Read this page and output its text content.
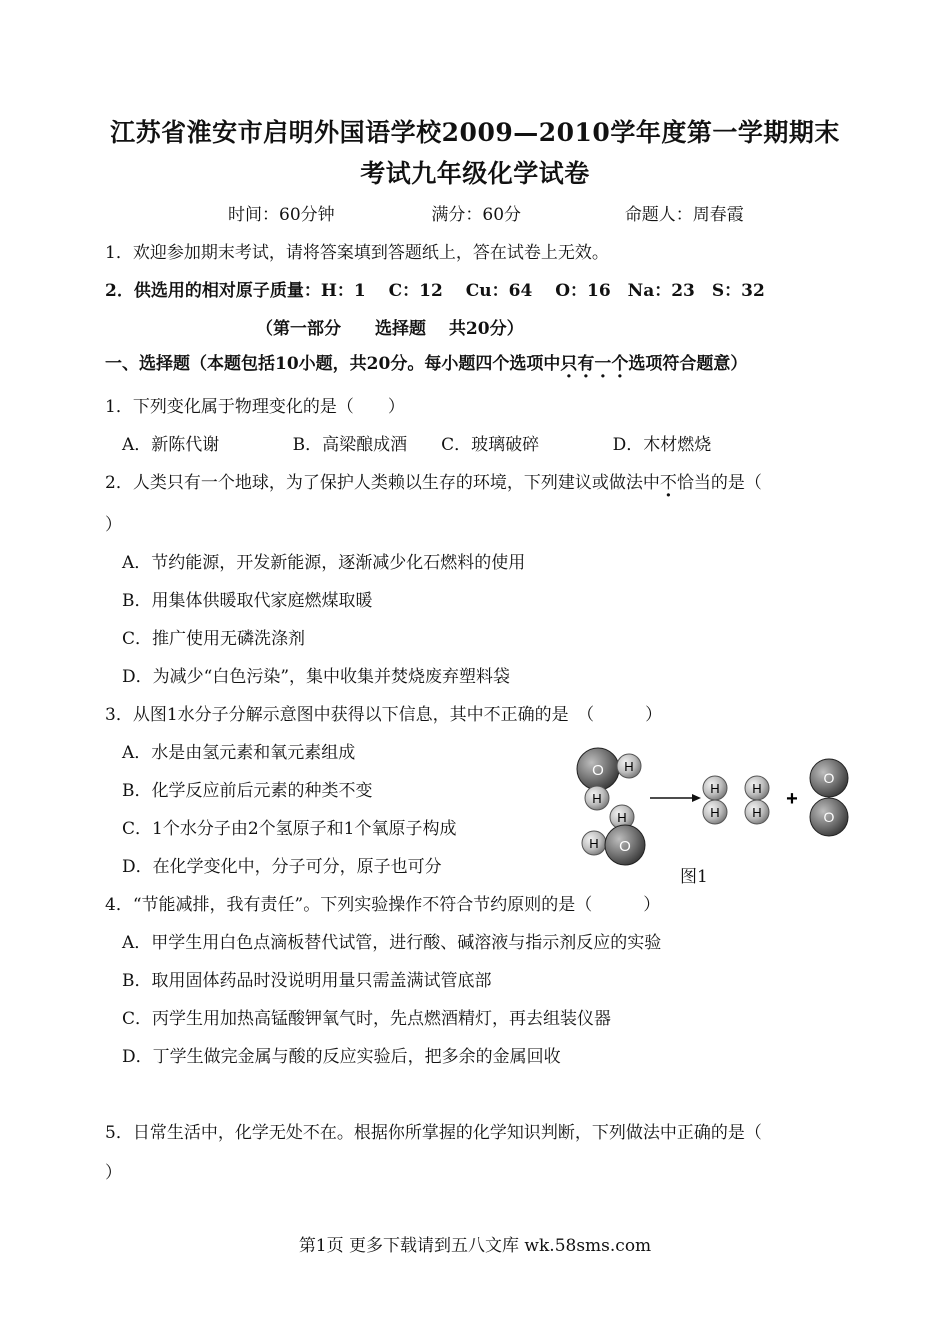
江苏省淮安市启明外国语学校2009—2010学年度第一学期期末
考试九年级化学试卷
时间：60分钟	满分：60分	命题人：周春霞
1．欢迎参加期末考试，请将答案填到答题纸上，答在试卷上无效。
2．供选用的相对原子质量：H：1　 C：12　 Cu：64　 O：16　Na：23　S：32
（第一部分　　选择题　 共20分）
一、选择题（本题包括10小题，共20分。每小题四个选项中只有一个选项符合题意）
1．下列变化属于物理变化的是（　　）
A．新陈代谢　　　　 B．高梁酿成酒　　C．玻璃破碎　　　　 D．木材燃烧
2．人类只有一个地球，为了保护人类赖以生存的环境，下列建议或做法中不恰当的是（
）
A．节约能源，开发新能源，逐渐减少化石燃料的使用
B．用集体供暖取代家庭燃煤取暖
C．推广使用无磷洗涤剂
D．为减少“白色污染”，集中收集并焚烧废弃塑料袋
3．从图1水分子分解示意图中获得以下信息，其中不正确的是　（　　　）
A．水是由氢元素和氧元素组成
B．化学反应前后元素的种类不变
C．1个水分子由2个氢原子和1个氧原子构成
D．在化学变化中，分子可分，原子也可分
O H
H
H
H O
H
H
H
H
+
O
O
图1
4．“节能减排，我有责任”。下列实验操作不符合节约原则的是（　　　）
A．甲学生用白色点滴板替代试管，进行酸、碱溶液与指示剂反应的实验
B．取用固体药品时没说明用量只需盖满试管底部
C．丙学生用加热高锰酸钾氧气时，先点燃酒精灯，再去组装仪器
D．丁学生做完金属与酸的反应实验后，把多余的金属回收
5．日常生活中，化学无处不在。根据你所掌握的化学知识判断，下列做法中正确的是（
）
第1页 更多下载请到五八文库 wk.58sms.com
